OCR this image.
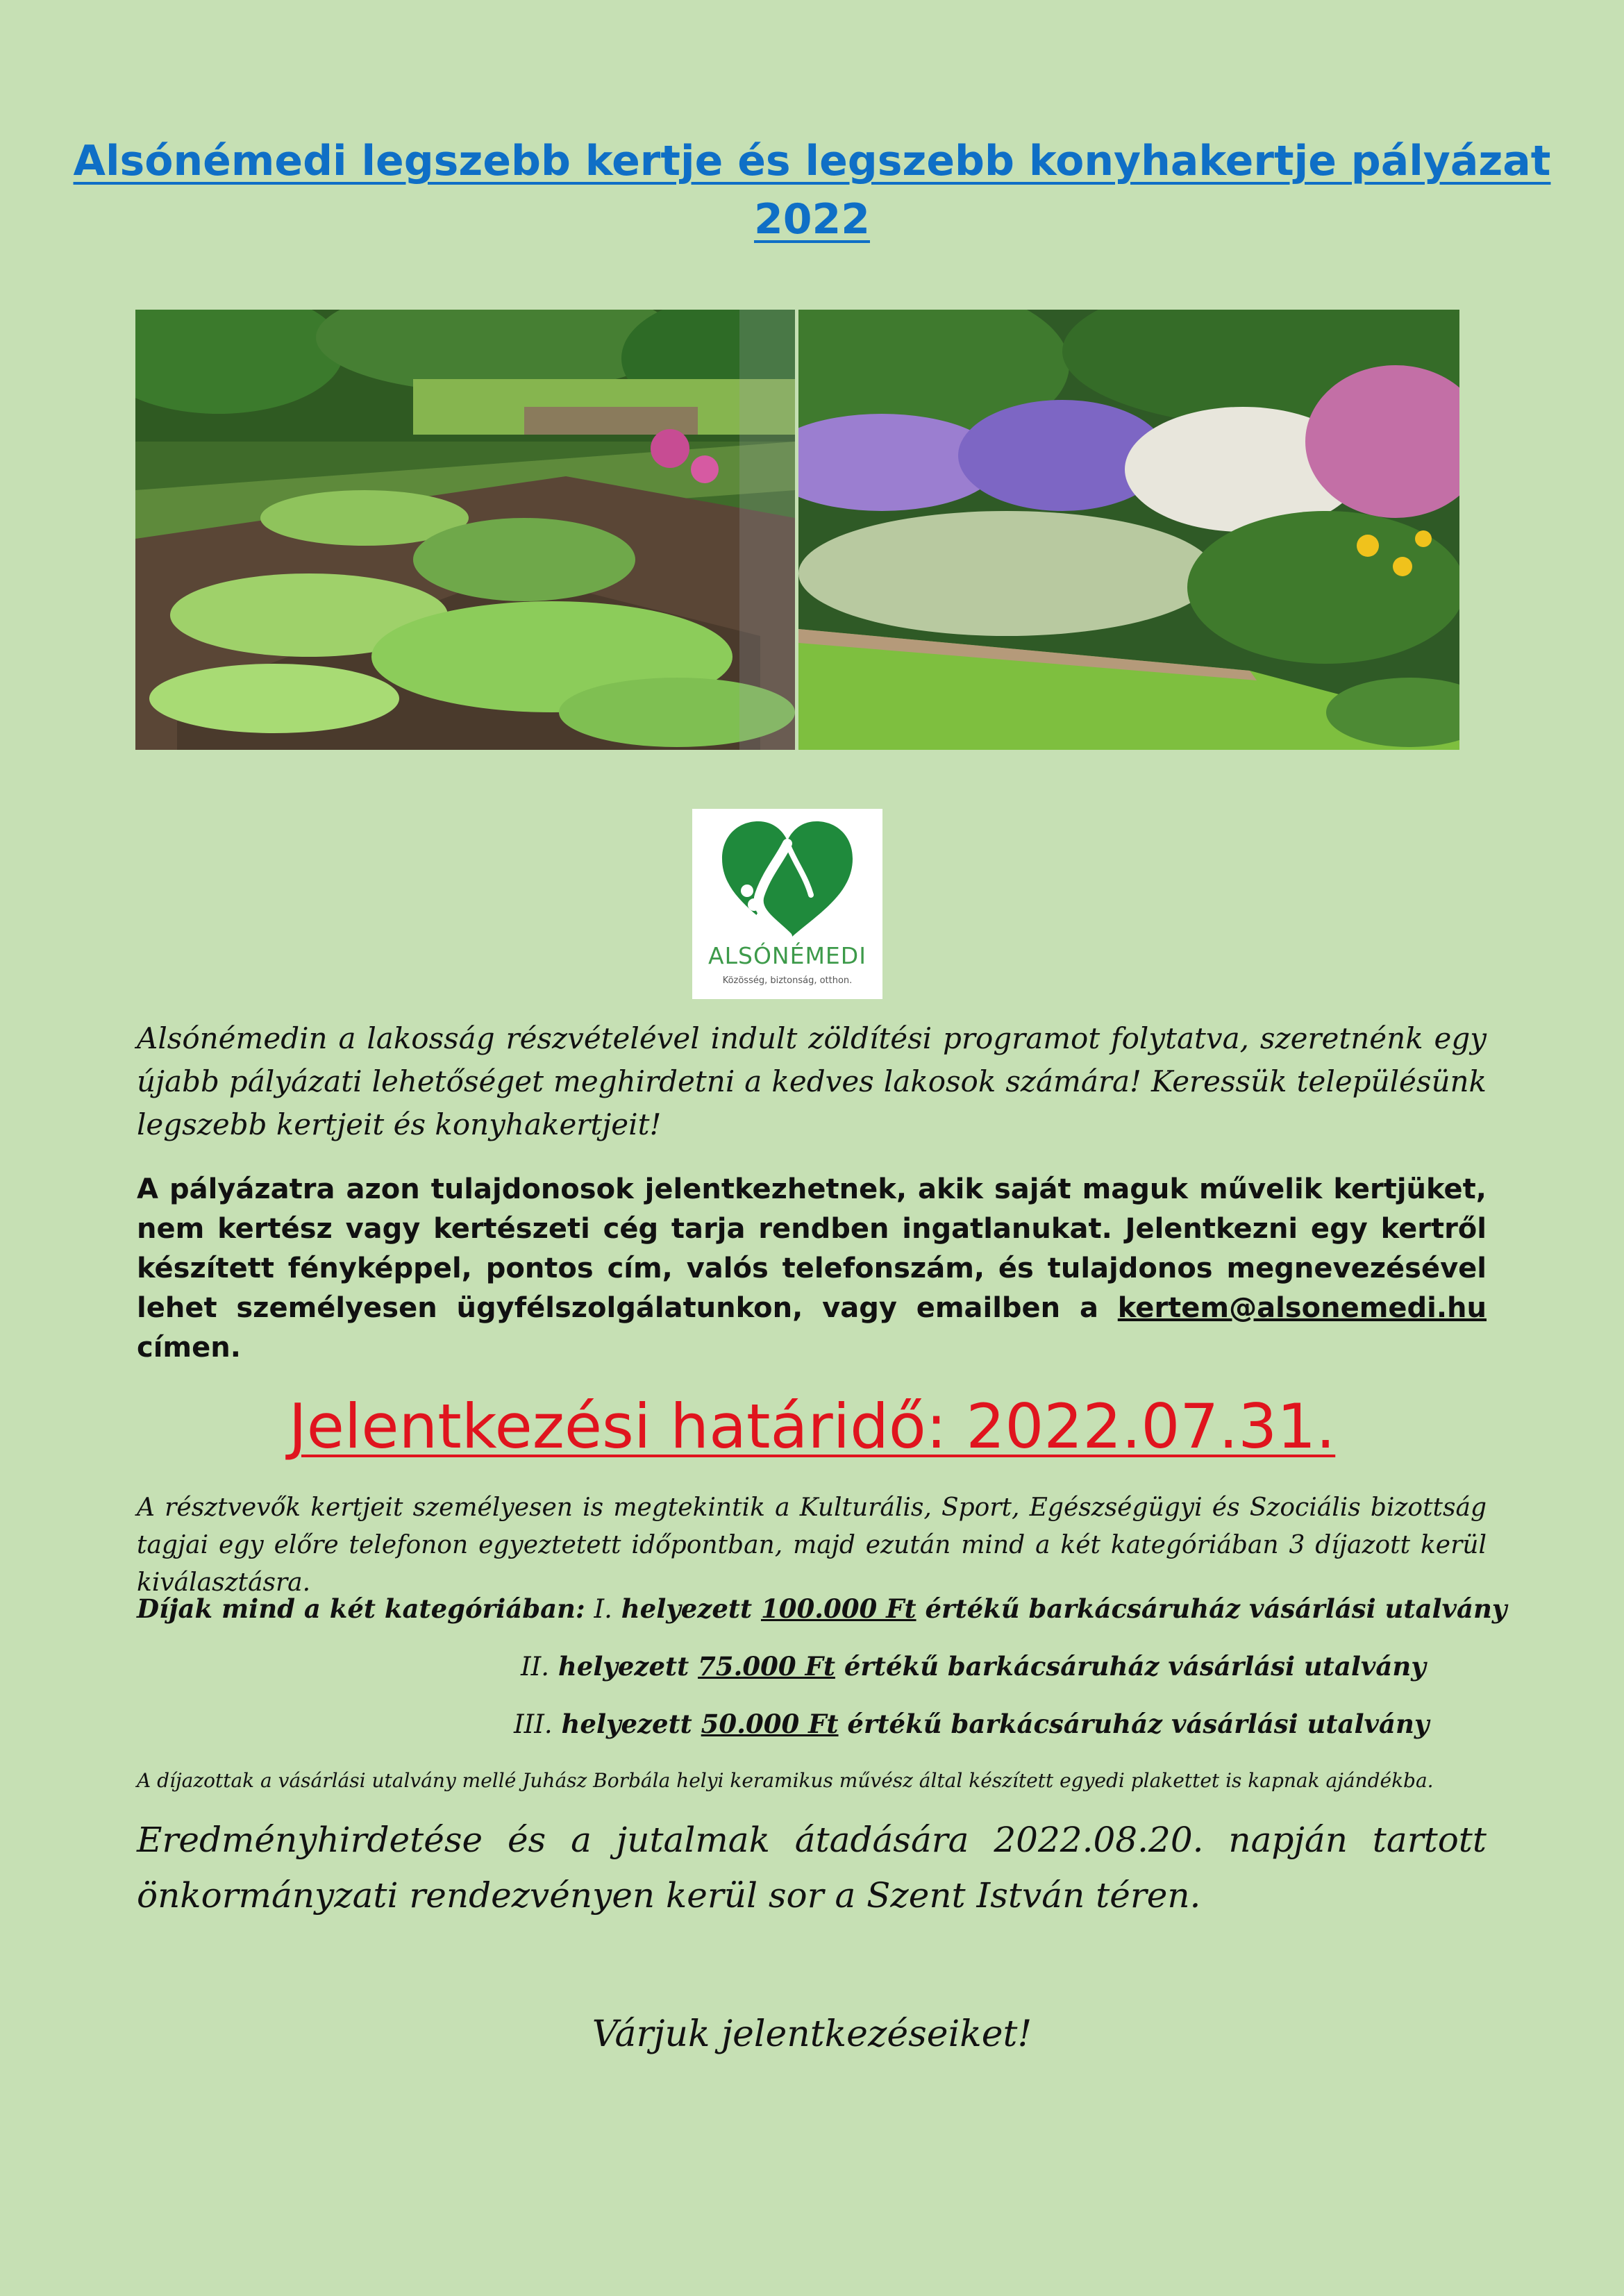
Alsónémedi legszebb kertje és legszebb konyhakertje pályázat
2022
ALSÓNÉMEDI
Közösség, biztonság, otthon.
Alsónémedin a lakosság részvételével indult zöldítési programot folytatva, szeretnénk egy újabb pályázati lehetőséget meghirdetni a kedves lakosok számára! Keressük településünk legszebb kertjeit és konyhakertjeit!
A pályázatra azon tulajdonosok jelentkezhetnek, akik saját maguk művelik kertjüket, nem kertész vagy kertészeti cég tarja rendben ingatlanukat. Jelentkezni egy kertről készített fényképpel, pontos cím, valós telefonszám, és tulajdonos megnevezésével lehet személyesen ügyfélszolgálatunkon, vagy emailben a kertem@alsonemedi.hu címen.
Jelentkezési határidő: 2022.07.31.
A résztvevők kertjeit személyesen is megtekintik a Kulturális, Sport, Egészségügyi és Szociális bizottság tagjai egy előre telefonon egyeztetett időpontban, majd ezután mind a két kategóriában 3 díjazott kerül kiválasztásra.
Díjak mind a két kategóriában: I. helyezett 100.000 Ft értékű barkácsáruház vásárlási utalvány
II. helyezett 75.000 Ft értékű barkácsáruház vásárlási utalvány
III. helyezett 50.000 Ft értékű barkácsáruház vásárlási utalvány
A díjazottak a vásárlási utalvány mellé Juhász Borbála helyi keramikus művész által készített egyedi plakettet is kapnak ajándékba.
Eredményhirdetése és a jutalmak átadására 2022.08.20. napján tartott önkormányzati rendezvényen kerül sor a Szent István téren.
Várjuk jelentkezéseiket!
